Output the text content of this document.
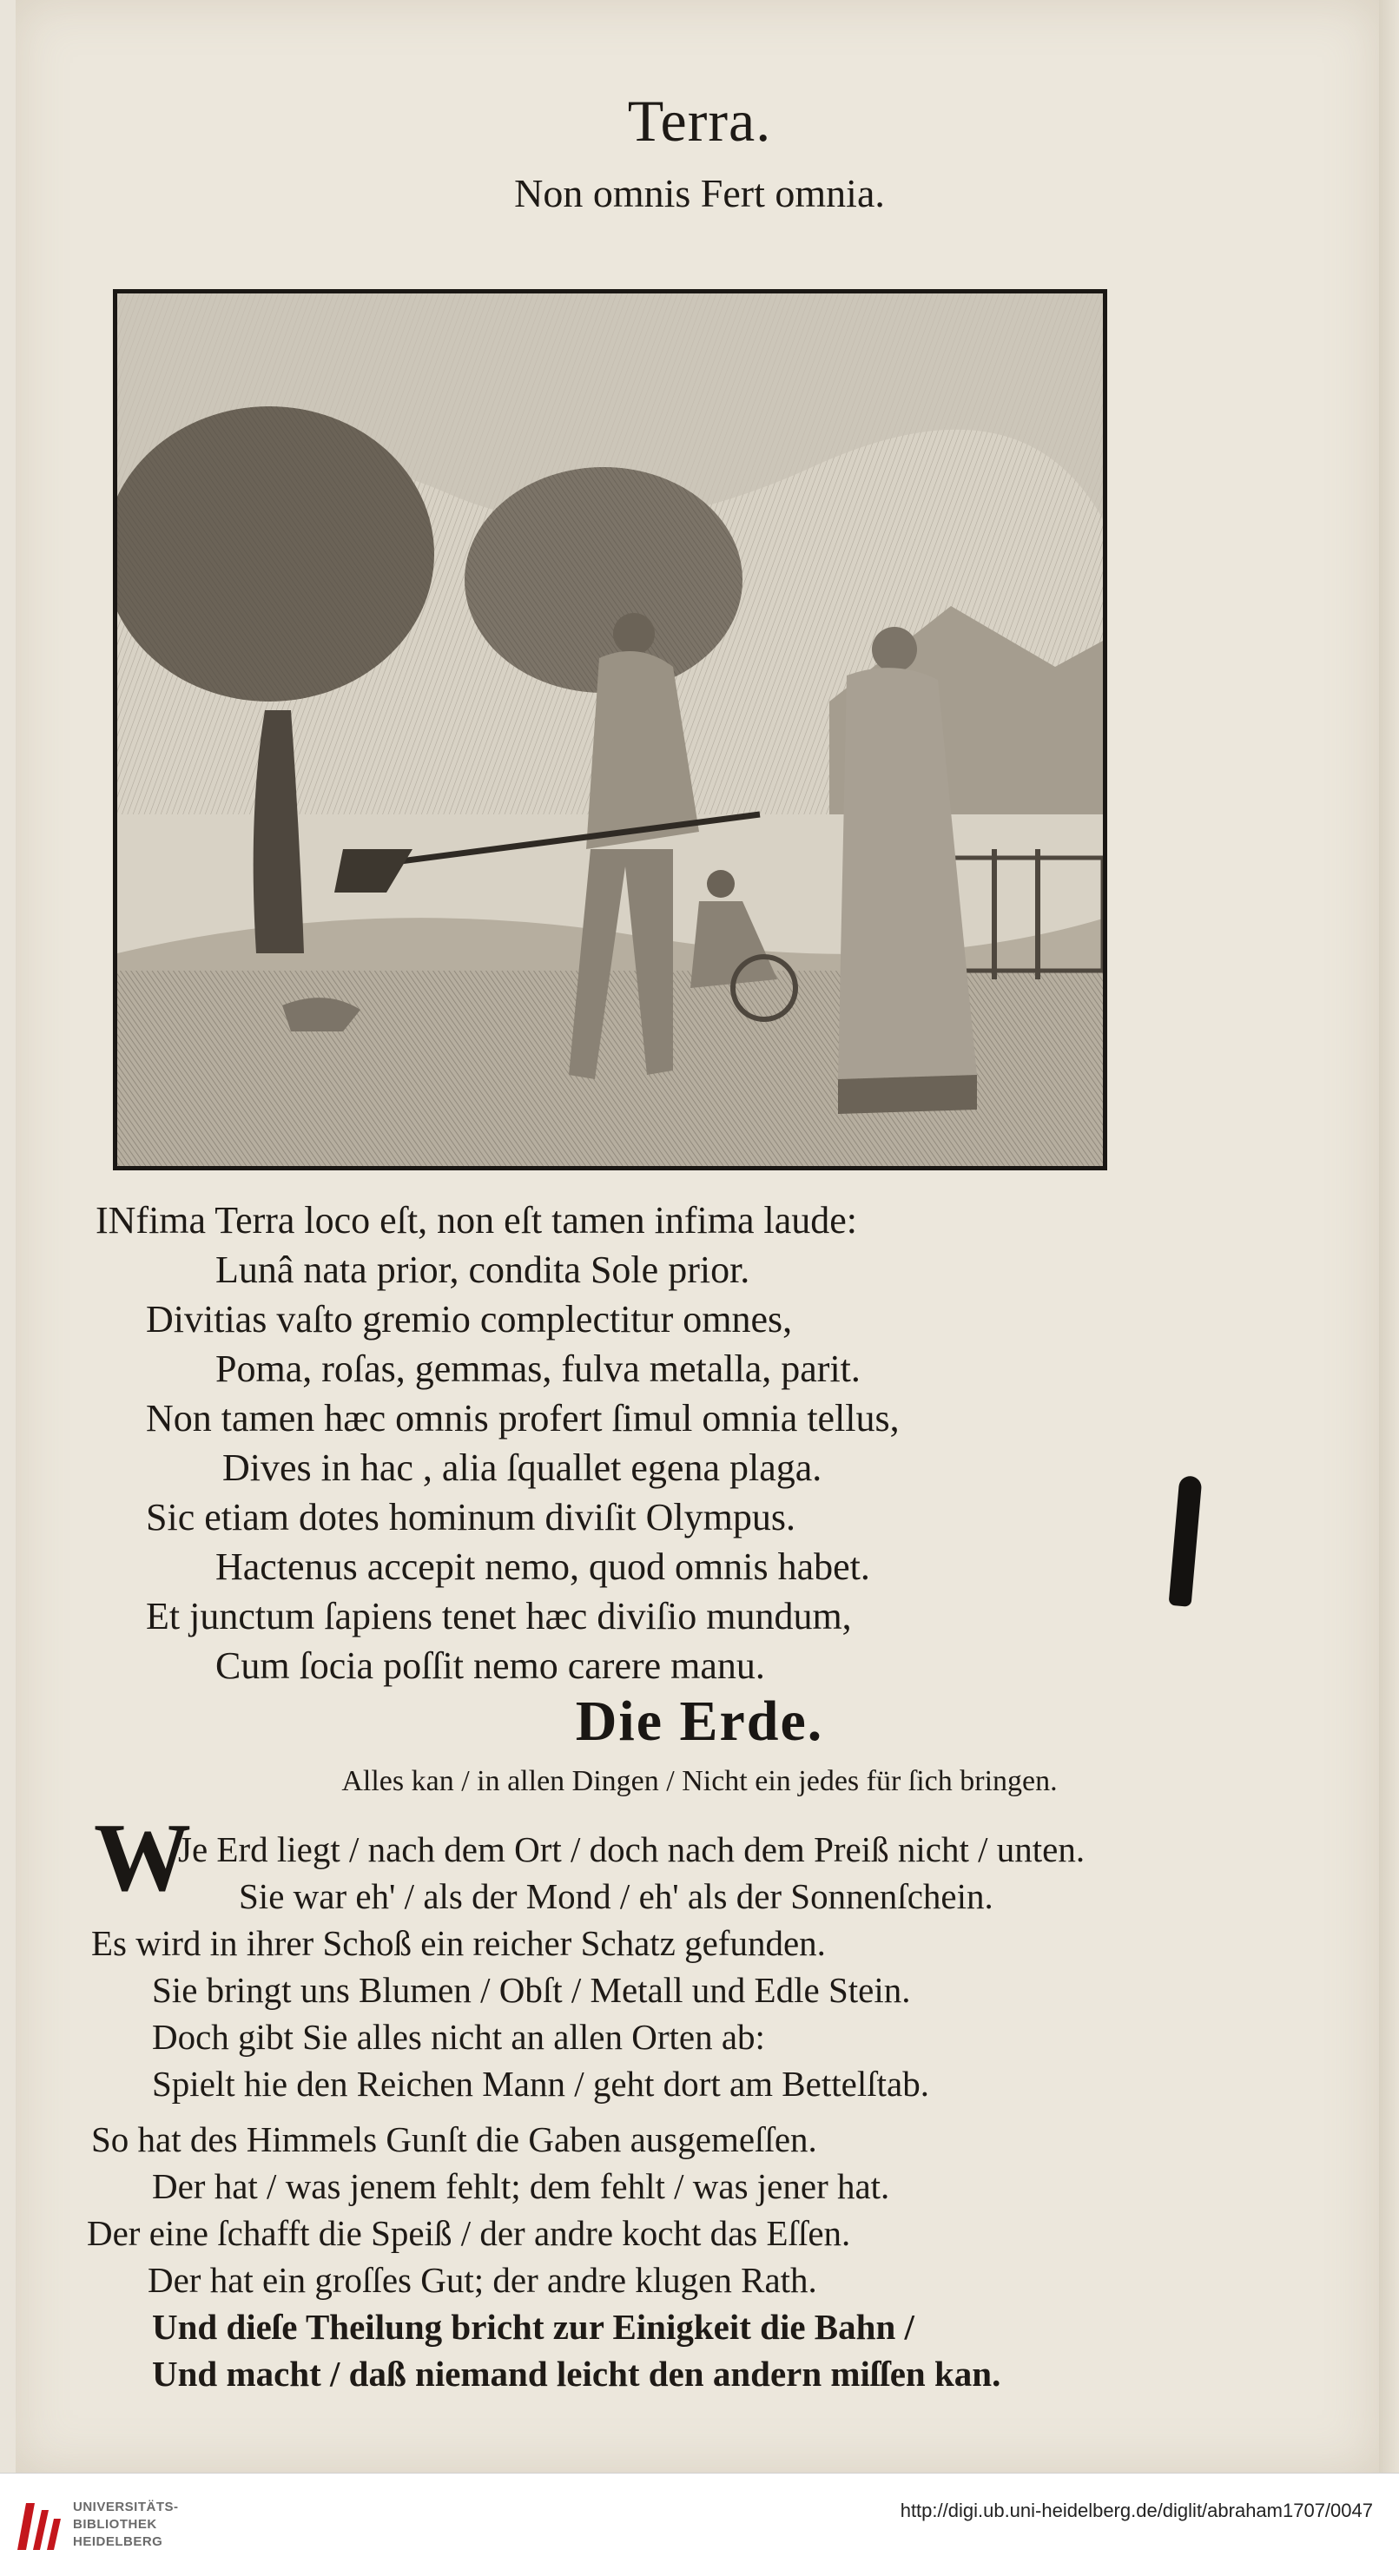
Terra.
Non omnis Fert omnia.
INfima Terra loco eſt, non eſt tamen infima laude:
Lunâ nata prior, condita Sole prior.
Divitias vaſto gremio complectitur omnes,
Poma, roſas, gemmas, fulva metalla, parit.
Non tamen hæc omnis profert ſimul omnia tellus,
Dives in hac , alia ſquallet egena plaga.
Sic etiam dotes hominum diviſit Olympus.
Hactenus accepit nemo, quod omnis habet.
Et junctum ſapiens tenet hæc diviſio mundum,
Cum ſocia poſſit nemo carere manu.
Die Erde.
Alles kan / in allen Dingen / Nicht ein jedes für ſich bringen.
W
Je Erd liegt / nach dem Ort / doch nach dem Preiß nicht / unten.
Sie war eh' / als der Mond / eh' als der Sonnenſchein.
Es wird in ihrer Schoß ein reicher Schatz gefunden.
Sie bringt uns Blumen / Obſt / Metall und Edle Stein.
Doch gibt Sie alles nicht an allen Orten ab:
Spielt hie den Reichen Mann / geht dort am Bettelſtab.
So hat des Himmels Gunſt die Gaben ausgemeſſen.
Der hat / was jenem fehlt; dem fehlt / was jener hat.
Der eine ſchafft die Speiß / der andre kocht das Eſſen.
Der hat ein groſſes Gut; der andre klugen Rath.
Und dieſe Theilung bricht zur Einigkeit die Bahn /
Und macht / daß niemand leicht den andern miſſen kan.
UNIVERSITÄTS-
BIBLIOTHEK
HEIDELBERG
http://digi.ub.uni-heidelberg.de/diglit/abraham1707/0047
